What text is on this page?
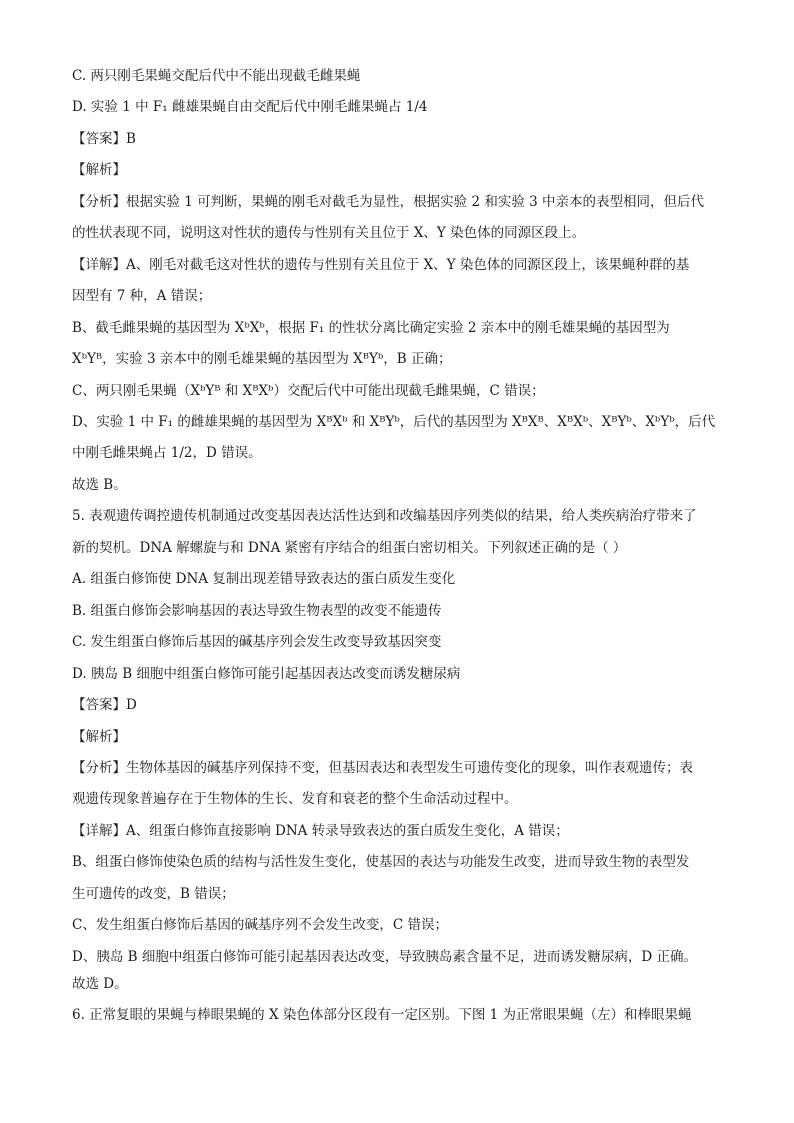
C. 两只刚毛果蝇交配后代中不能出现截毛雌果蝇
D. 实验 1 中 F₁ 雌雄果蝇自由交配后代中刚毛雌果蝇占 1/4
【答案】B
【解析】
【分析】根据实验 1 可判断，果蝇的刚毛对截毛为显性，根据实验 2 和实验 3 中亲本的表型相同，但后代
的性状表现不同，说明这对性状的遗传与性别有关且位于 X、Y 染色体的同源区段上。
【详解】A、刚毛对截毛这对性状的遗传与性别有关且位于 X、Y 染色体的同源区段上，该果蝇种群的基
因型有 7 种，A 错误；
B、截毛雌果蝇的基因型为 XᵇXᵇ，根据 F₁ 的性状分离比确定实验 2 亲本中的刚毛雄果蝇的基因型为
XᵇYᴮ，实验 3 亲本中的刚毛雄果蝇的基因型为 XᴮYᵇ，B 正确；
C、两只刚毛果蝇（XᵇYᴮ 和 XᴮXᵇ）交配后代中可能出现截毛雌果蝇，C 错误；
D、实验 1 中 F₁ 的雌雄果蝇的基因型为 XᴮXᵇ 和 XᴮYᵇ，后代的基因型为 XᴮXᴮ、XᴮXᵇ、XᴮYᵇ、XᵇYᵇ，后代
中刚毛雌果蝇占 1/2，D 错误。
故选 B。
5. 表观遗传调控遗传机制通过改变基因表达活性达到和改编基因序列类似的结果，给人类疾病治疗带来了
新的契机。DNA 解螺旋与和 DNA 紧密有序结合的组蛋白密切相关。下列叙述正确的是（ ）
A. 组蛋白修饰使 DNA 复制出现差错导致表达的蛋白质发生变化
B. 组蛋白修饰会影响基因的表达导致生物表型的改变不能遗传
C. 发生组蛋白修饰后基因的碱基序列会发生改变导致基因突变
D. 胰岛 B 细胞中组蛋白修饰可能引起基因表达改变而诱发糖尿病
【答案】D
【解析】
【分析】生物体基因的碱基序列保持不变，但基因表达和表型发生可遗传变化的现象，叫作表观遗传；表
观遗传现象普遍存在于生物体的生长、发育和衰老的整个生命活动过程中。
【详解】A、组蛋白修饰直接影响 DNA 转录导致表达的蛋白质发生变化，A 错误；
B、组蛋白修饰使染色质的结构与活性发生变化，使基因的表达与功能发生改变，进而导致生物的表型发
生可遗传的改变，B 错误；
C、发生组蛋白修饰后基因的碱基序列不会发生改变，C 错误；
D、胰岛 B 细胞中组蛋白修饰可能引起基因表达改变，导致胰岛素含量不足，进而诱发糖尿病，D 正确。
故选 D。
6. 正常复眼的果蝇与棒眼果蝇的 X 染色体部分区段有一定区别。下图 1 为正常眼果蝇（左）和棒眼果蝇
